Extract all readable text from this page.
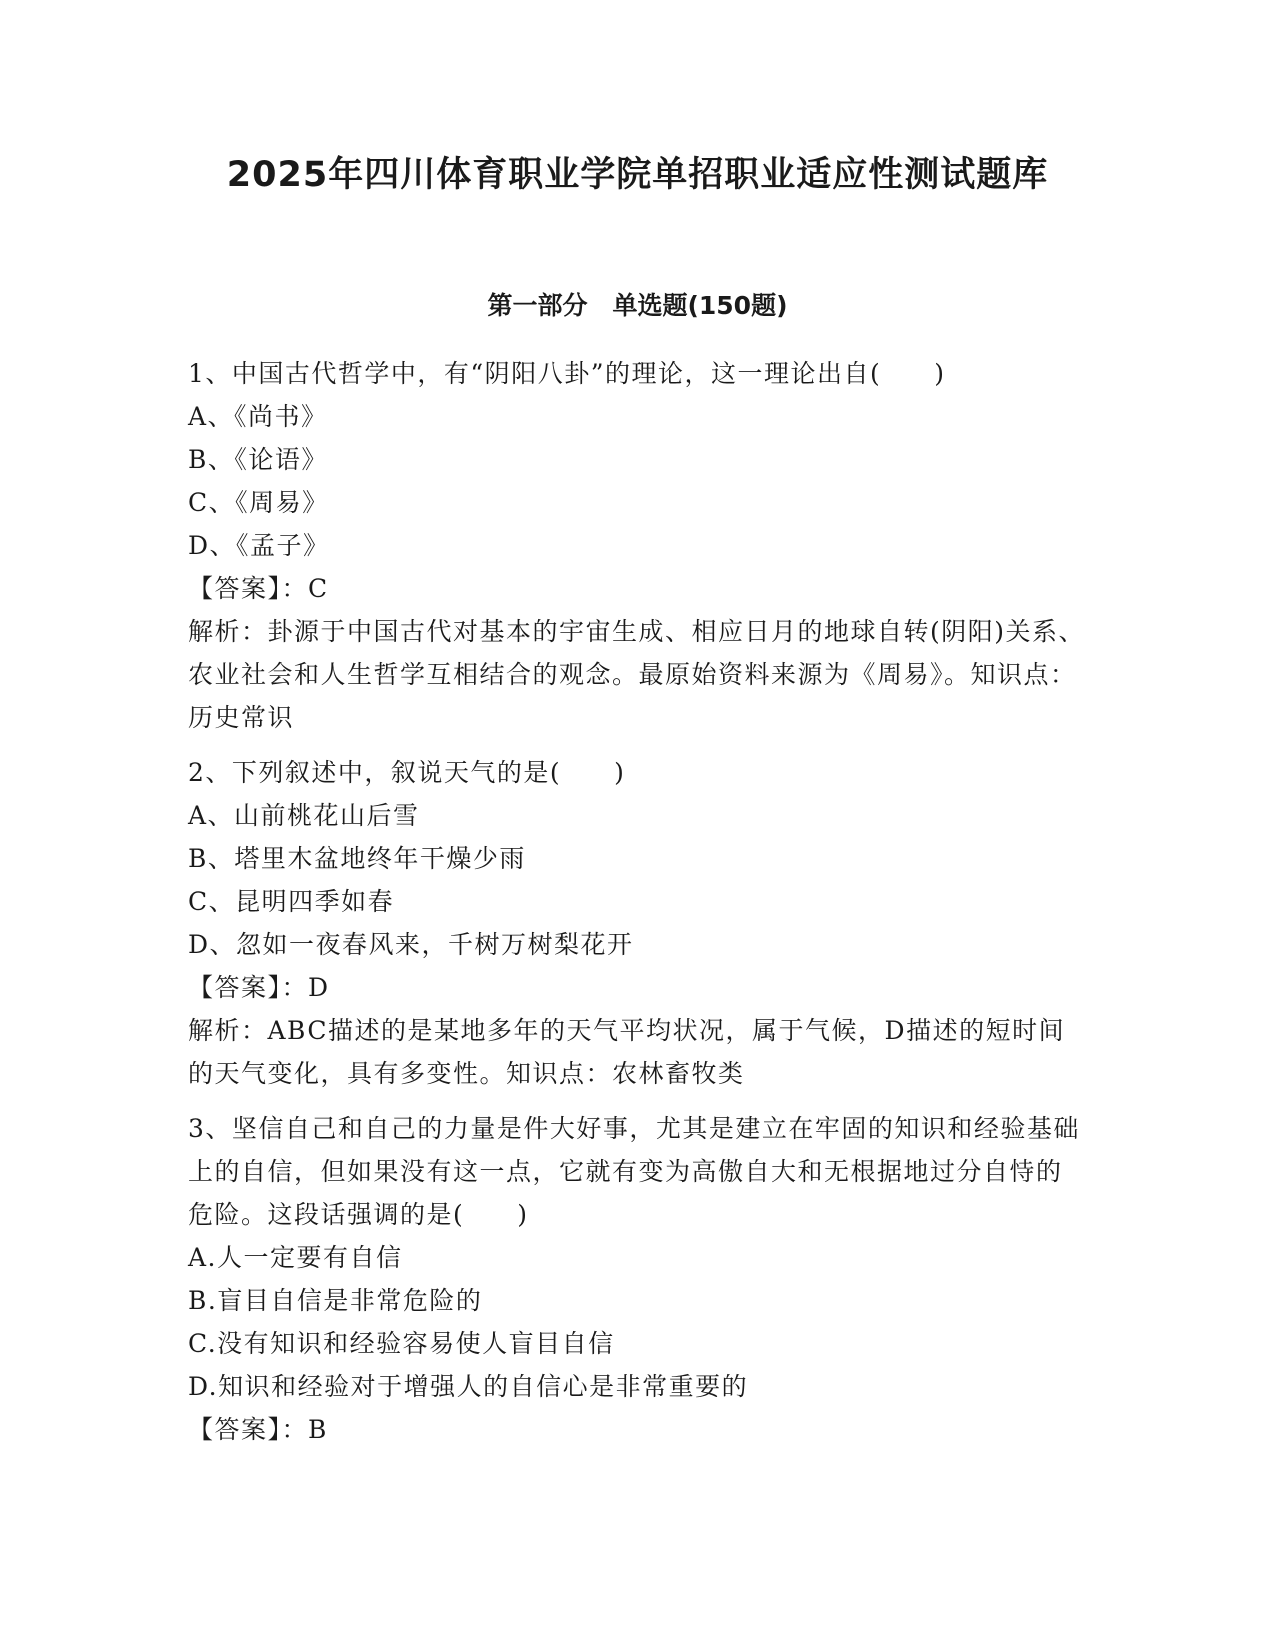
2025年四川体育职业学院单招职业适应性测试题库
第一部分　单选题(150题)
1、中国古代哲学中，有“阴阳八卦”的理论，这一理论出自(　　)
A、《尚书》
B、《论语》
C、《周易》
D、《孟子》
【答案】：C
解析：卦源于中国古代对基本的宇宙生成、相应日月的地球自转(阴阳)关系、农业社会和人生哲学互相结合的观念。最原始资料来源为《周易》。知识点：历史常识
2、下列叙述中，叙说天气的是(　　)
A、山前桃花山后雪
B、塔里木盆地终年干燥少雨
C、昆明四季如春
D、忽如一夜春风来，千树万树梨花开
【答案】：D
解析：ABC描述的是某地多年的天气平均状况，属于气候，D描述的短时间的天气变化，具有多变性。知识点：农林畜牧类
3、坚信自己和自己的力量是件大好事，尤其是建立在牢固的知识和经验基础上的自信，但如果没有这一点，它就有变为高傲自大和无根据地过分自恃的危险。这段话强调的是(　　)
A.人一定要有自信
B.盲目自信是非常危险的
C.没有知识和经验容易使人盲目自信
D.知识和经验对于增强人的自信心是非常重要的
【答案】：B
